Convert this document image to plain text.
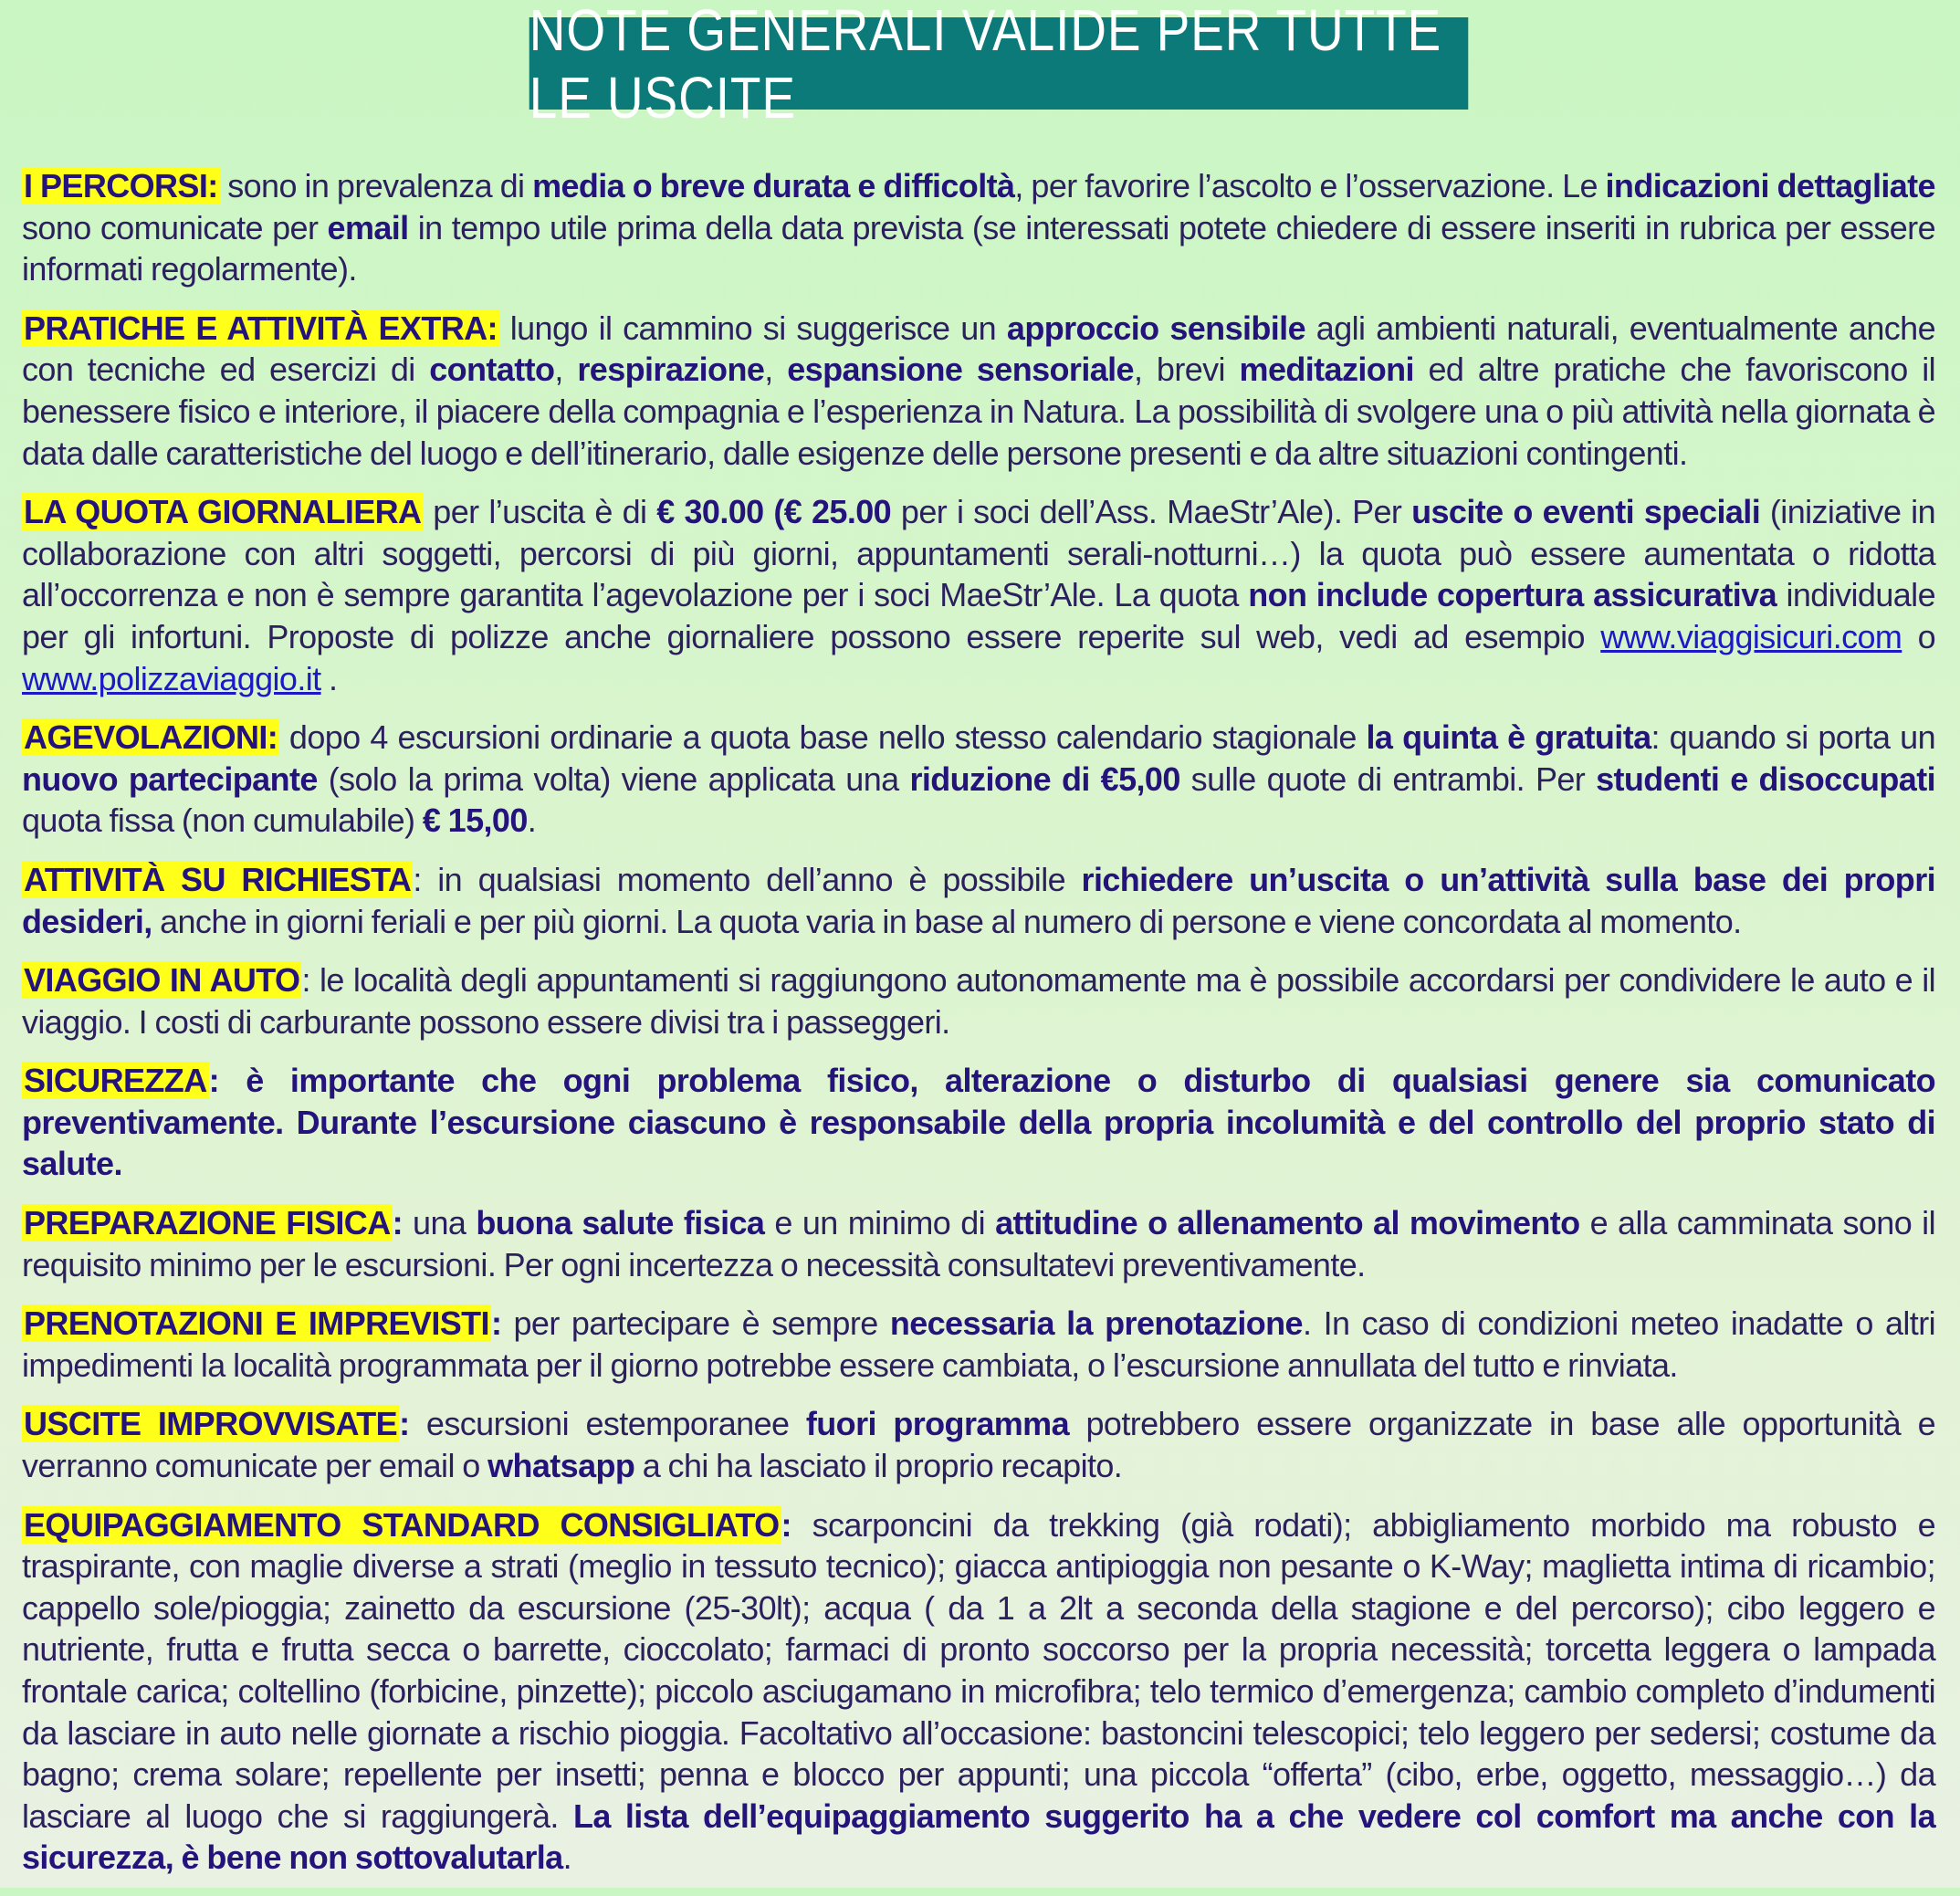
NOTE GENERALI VALIDE PER TUTTE LE USCITE

I PERCORSI: sono in prevalenza di media o breve durata e difficoltà, per favorire l’ascolto e l’osservazione. Le indicazioni dettagliate sono comunicate per email in tempo utile prima della data prevista (se interessati potete chiedere di essere inseriti in rubrica per essere informati regolarmente).

PRATICHE E ATTIVITÀ EXTRA: lungo il cammino si suggerisce un approccio sensibile agli ambienti naturali, eventualmente anche con tecniche ed esercizi di contatto, respirazione, espansione sensoriale, brevi meditazioni ed altre pratiche che favoriscono il benessere fisico e interiore, il piacere della compagnia e l’esperienza in Natura. La possibilità di svolgere una o più attività nella giornata è data dalle caratteristiche del luogo e dell’itinerario, dalle esigenze delle persone presenti e da altre situazioni contingenti.

LA QUOTA GIORNALIERA per l’uscita è di € 30.00 (€ 25.00 per i soci dell’Ass. MaeStr’Ale). Per uscite o eventi speciali (iniziative in collaborazione con altri soggetti, percorsi di più giorni, appuntamenti serali-notturni…) la quota può essere aumentata o ridotta all’occorrenza e non è sempre garantita l’agevolazione per i soci MaeStr’Ale. La quota non include copertura assicurativa individuale per gli infortuni. Proposte di polizze anche giornaliere possono essere reperite sul web, vedi ad esempio www.viaggisicuri.com o www.polizzaviaggio.it .

AGEVOLAZIONI: dopo 4 escursioni ordinarie a quota base nello stesso calendario stagionale la quinta è gratuita: quando si porta un nuovo partecipante (solo la prima volta) viene applicata una riduzione di €5,00 sulle quote di entrambi. Per studenti e disoccupati quota fissa (non cumulabile) € 15,00.

ATTIVITÀ SU RICHIESTA: in qualsiasi momento dell’anno è possibile richiedere un’uscita o un’attività sulla base dei propri desideri, anche in giorni feriali e per più giorni. La quota varia in base al numero di persone e viene concordata al momento.

VIAGGIO IN AUTO: le località degli appuntamenti si raggiungono autonomamente ma è possibile accordarsi per condividere le auto e il viaggio. I costi di carburante possono essere divisi tra i passeggeri.

SICUREZZA: è importante che ogni problema fisico, alterazione o disturbo di qualsiasi genere sia comunicato preventivamente. Durante l’escursione ciascuno è responsabile della propria incolumità e del controllo del proprio stato di salute.

PREPARAZIONE FISICA: una buona salute fisica e un minimo di attitudine o allenamento al movimento e alla camminata sono il requisito minimo per le escursioni. Per ogni incertezza o necessità consultatevi preventivamente.

PRENOTAZIONI E IMPREVISTI: per partecipare è sempre necessaria la prenotazione. In caso di condizioni meteo inadatte o altri impedimenti la località programmata per il giorno potrebbe essere cambiata, o l’escursione annullata del tutto e rinviata.

USCITE IMPROVVISATE: escursioni estemporanee fuori programma potrebbero essere organizzate in base alle opportunità e verranno comunicate per email o whatsapp a chi ha lasciato il proprio recapito.

EQUIPAGGIAMENTO STANDARD CONSIGLIATO: scarponcini da trekking (già rodati); abbigliamento morbido ma robusto e traspirante, con maglie diverse a strati (meglio in tessuto tecnico); giacca antipioggia non pesante o K-Way; maglietta intima di ricambio; cappello sole/pioggia; zainetto da escursione (25-30lt); acqua ( da 1 a 2lt a seconda della stagione e del percorso); cibo leggero e nutriente, frutta e frutta secca o barrette, cioccolato; farmaci di pronto soccorso per la propria necessità; torcetta leggera o lampada frontale carica; coltellino (forbicine, pinzette); piccolo asciugamano in microfibra; telo termico d’emergenza; cambio completo d’indumenti da lasciare in auto nelle giornate a rischio pioggia. Facoltativo all’occasione: bastoncini telescopici; telo leggero per sedersi; costume da bagno; crema solare; repellente per insetti; penna e blocco per appunti; una piccola “offerta” (cibo, erbe, oggetto, messaggio…) da lasciare al luogo che si raggiungerà. La lista dell’equipaggiamento suggerito ha a che vedere col comfort ma anche con la sicurezza, è bene non sottovalutarla.
